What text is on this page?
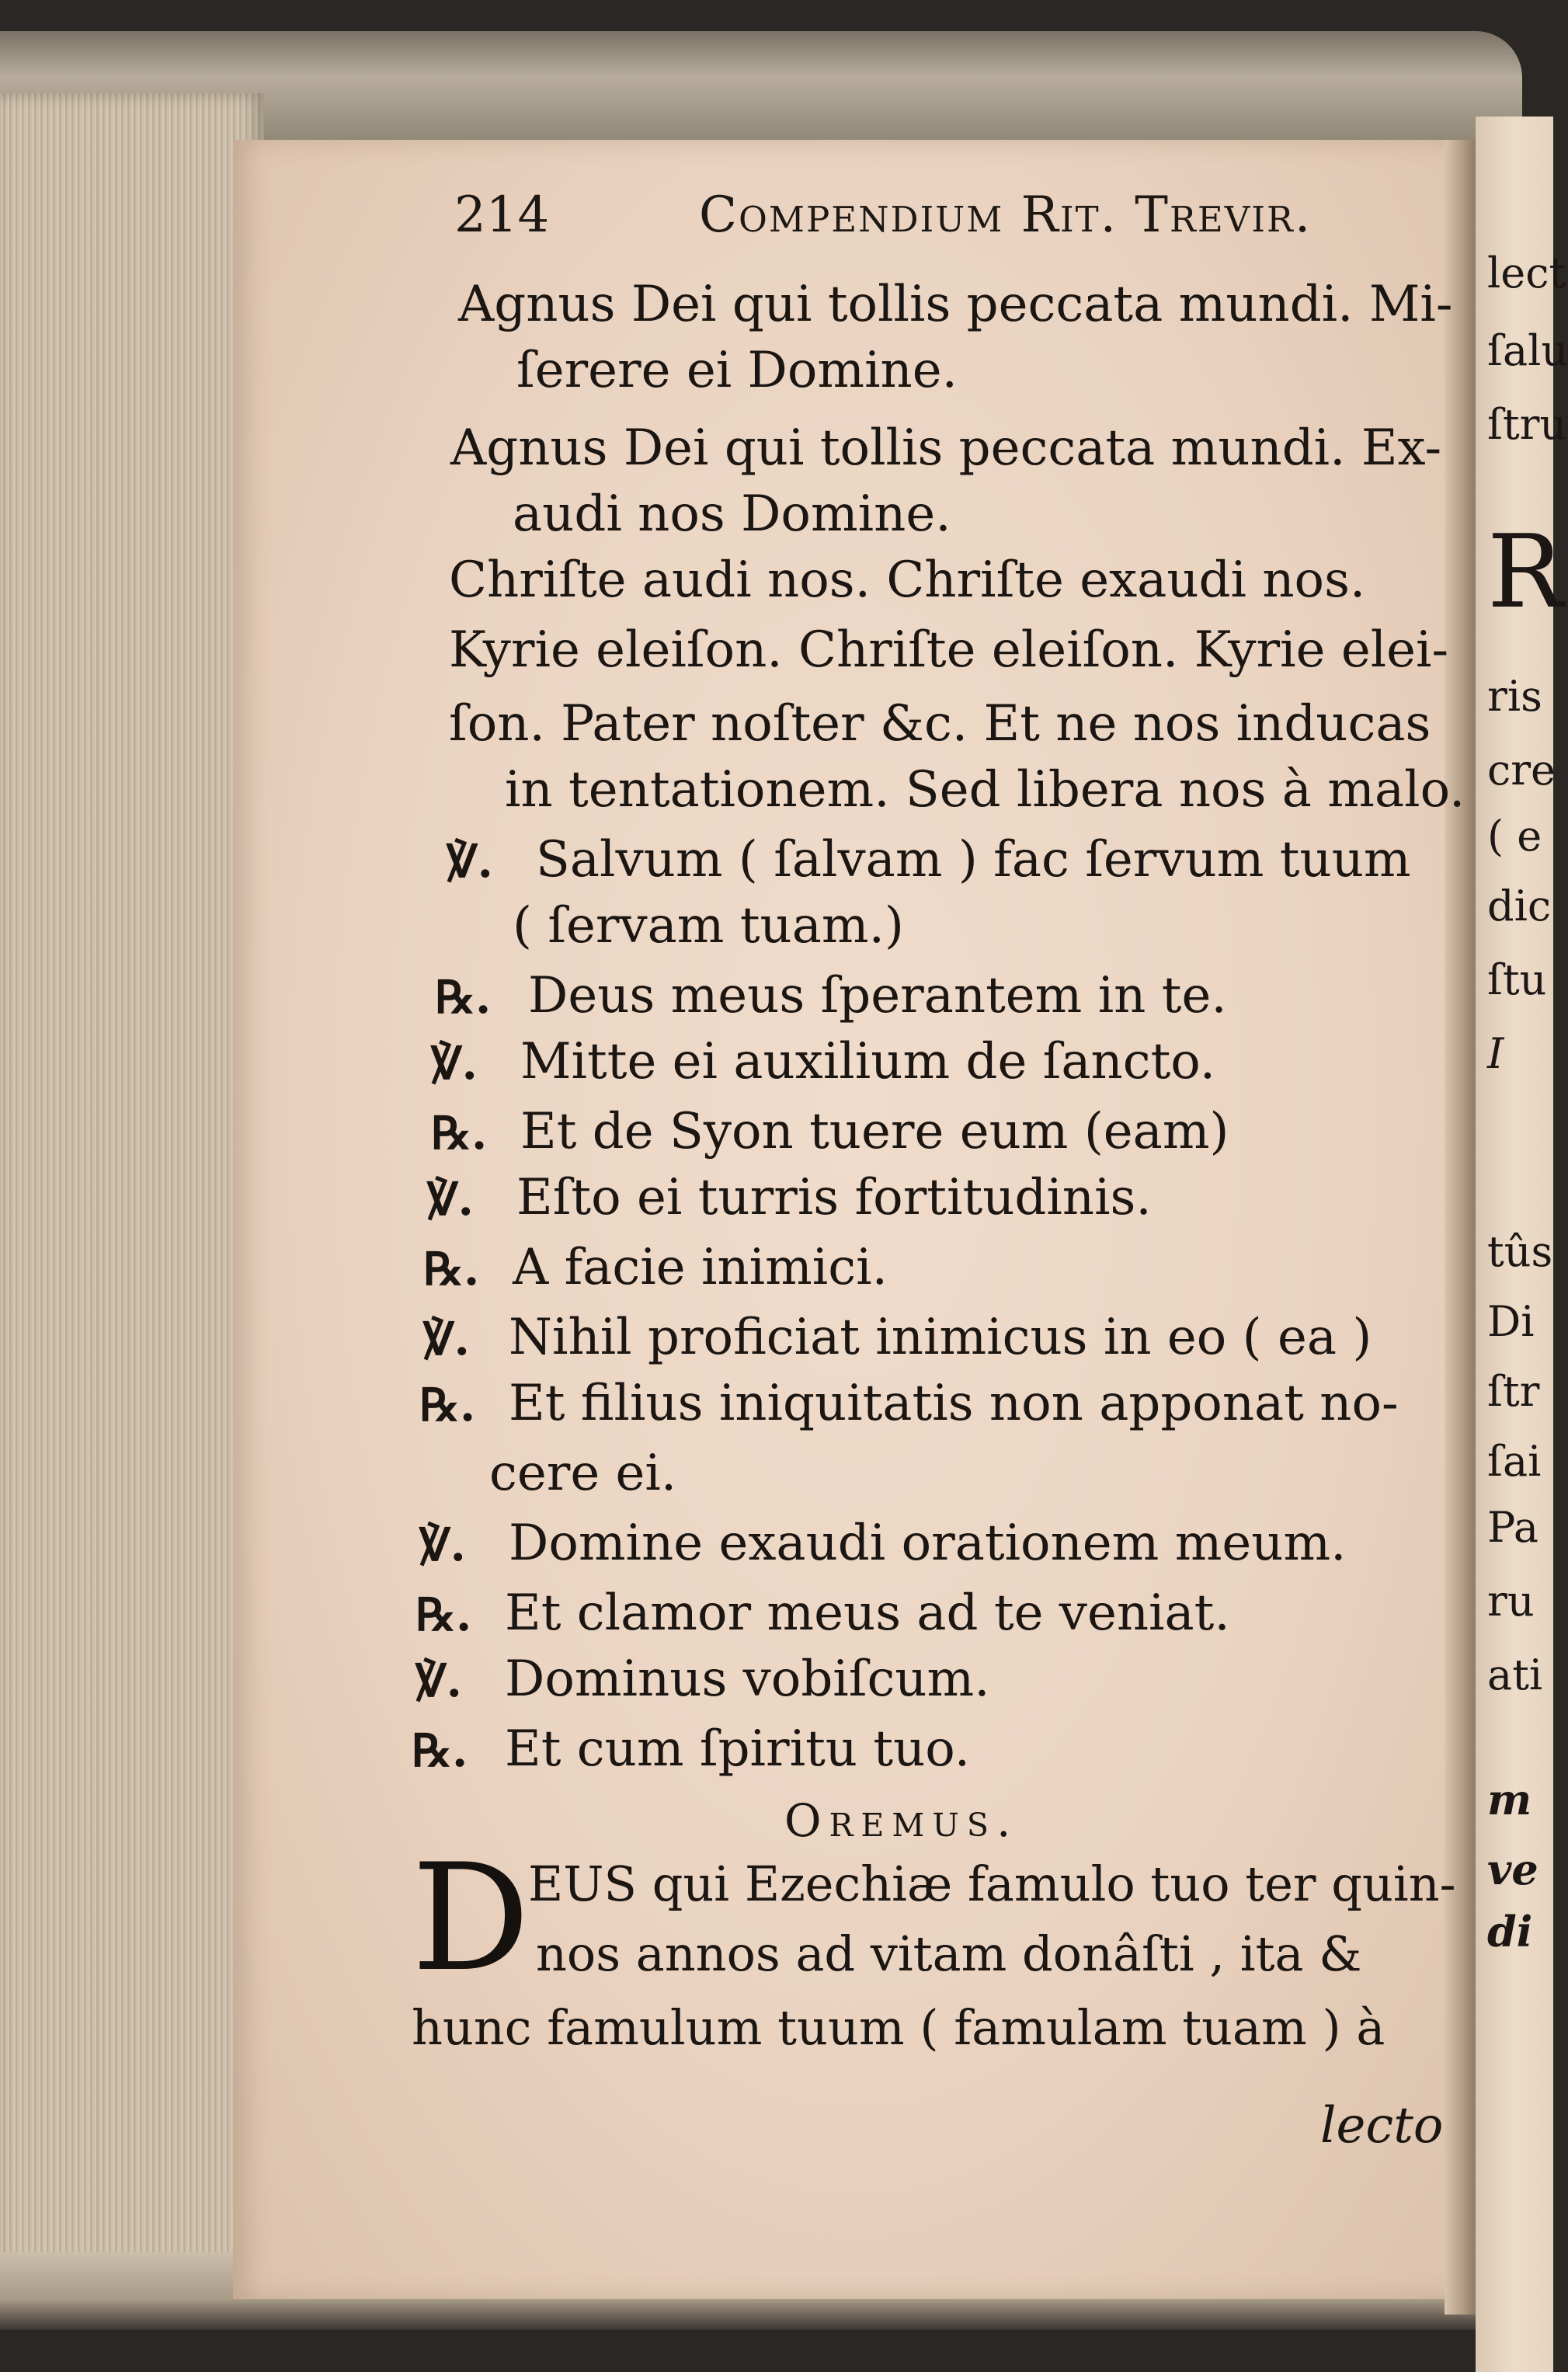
214	Compendium Rit. Trevir.
Agnus Dei qui tollis peccata mundi. Mi-
ſerere ei Domine.
Agnus Dei qui tollis peccata mundi. Ex-
audi nos Domine.
Chriſte audi nos. Chriſte exaudi nos.
Kyrie eleiſon. Chriſte eleiſon. Kyrie elei-
ſon. Pater noſter &c. Et ne nos inducas
in tentationem. Sed libera nos à malo.
℣. Salvum ( ſalvam ) fac ſervum tuum
( ſervam tuam.)
℞. Deus meus ſperantem in te.
℣. Mitte ei auxilium de ſancto.
℞. Et de Syon tuere eum (eam)
℣. Eſto ei turris fortitudinis.
℞. A facie inimici.
℣. Nihil proficiat inimicus in eo ( ea )
℞. Et filius iniquitatis non apponat no-
cere ei.
℣. Domine exaudi orationem meum.
℞. Et clamor meus ad te veniat.
℣. Dominus vobiſcum.
℞. Et cum ſpiritu tuo.
Oremus.
D
EUS qui Ezechiæ famulo tuo ter quin-
nos annos ad vitam donâſti , ita &
hunc famulum tuum ( famulam tuam ) à
lecto
lect
ſalu
ſtru
R
ris
cre
( e
dic
ſtu
I
tûs
Di
ſtr
ſai
Pa
ru
ati
m
ve
di
